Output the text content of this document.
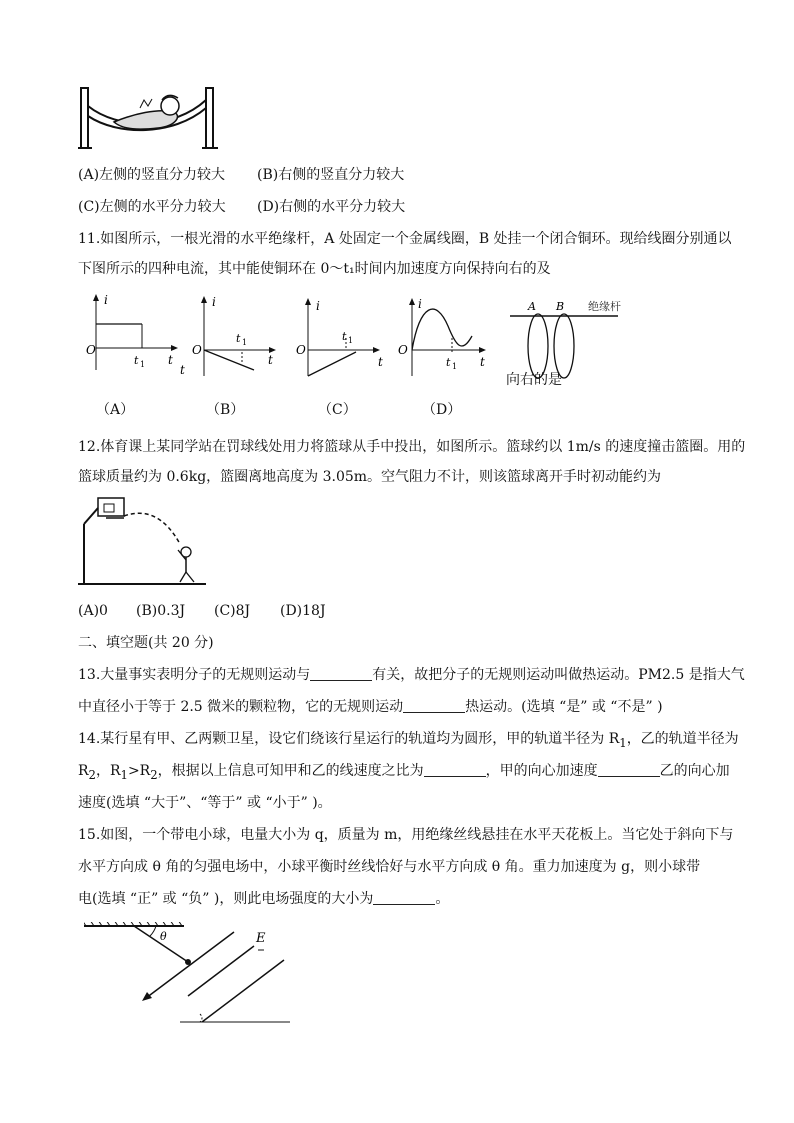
(A)左侧的竖直分力较大 (B)右侧的竖直分力较大
(C)左侧的水平分力较大 (D)右侧的水平分力较大
11.如图所示，一根光滑的水平绝缘杆，A 处固定一个金属线圈，B 处挂一个闭合铜环。现给线圈分别通以
下图所示的四种电流，其中能使铜环在 0～t₁时间内加速度方向保持向右的及
i
O
t 1 t
i
O
t 1
t
t
i
O
t 1
t
i
O
t 1 t
A B 绝缘杆
向右的是
（A）	（B）	（C）	（D）
12.体育课上某同学站在罚球线处用力将篮球从手中投出，如图所示。篮球约以 1m/s 的速度撞击篮圈。用的
篮球质量约为 0.6kg，篮圈离地高度为 3.05m。空气阻力不计，则该篮球离开手时初动能约为
(A)0 (B)0.3J (C)8J (D)18J
二、填空题(共 20 分)
13.大量事实表明分子的无规则运动与	有关，故把分子的无规则运动叫做热运动。PM2.5 是指大气
中直径小于等于 2.5 微米的颗粒物，它的无规则运动	热运动。(选填 “是” 或 “不是” )
14.某行星有甲、乙两颗卫星，设它们绕该行星运行的轨道均为圆形，甲的轨道半径为 $R_1$，乙的轨道半径为
$R_2$，$R_1>R_2$，根据以上信息可知甲和乙的线速度之比为	，甲的向心加速度	乙的向心加
速度(选填 “大于”、“等于” 或 “小于” )。
15.如图，一个带电小球，电量大小为 q，质量为 m，用绝缘丝线悬挂在水平天花板上。当它处于斜向下与
水平方向成 θ 角的匀强电场中，小球平衡时丝线恰好与水平方向成 θ 角。重力加速度为 g，则小球带
电(选填 “正” 或 “负” )，则此电场强度的大小为	。
θ	E
